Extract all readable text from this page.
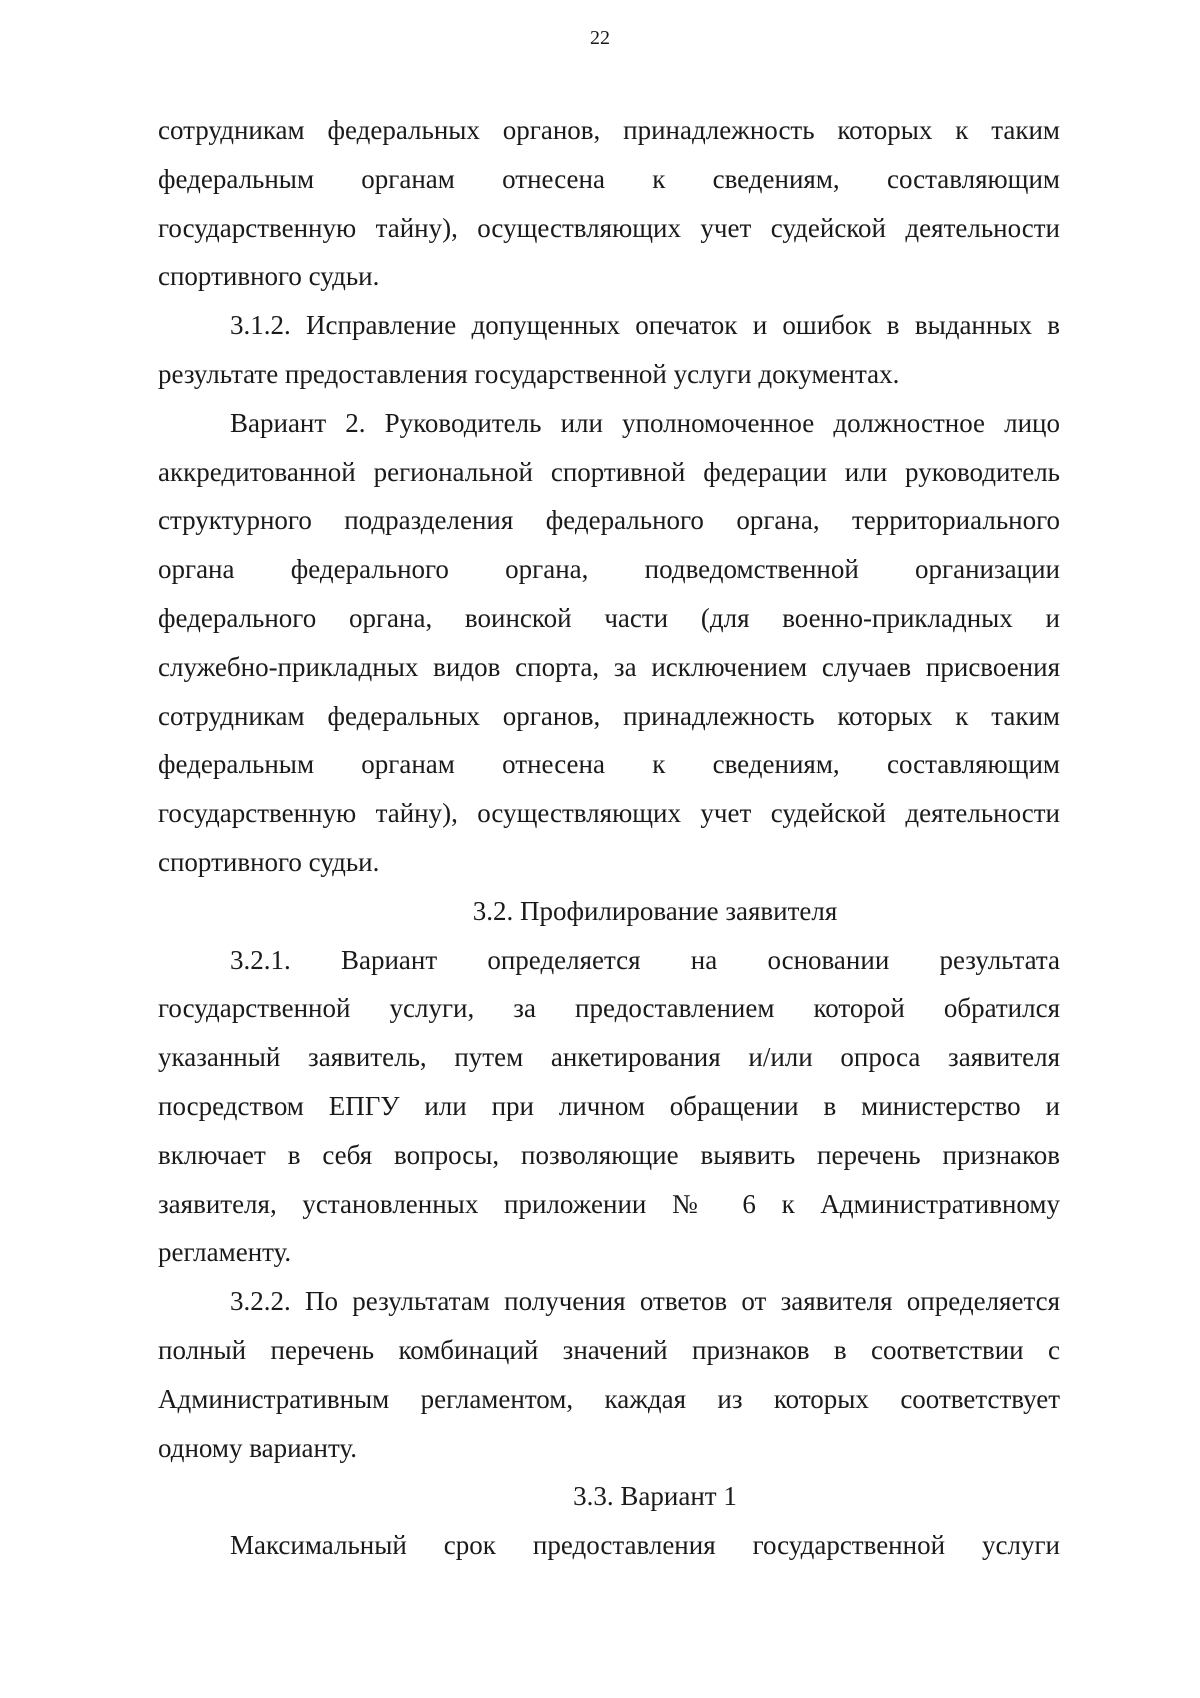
22

сотрудникам федеральных органов, принадлежность которых к таким
федеральным органам отнесена к сведениям, составляющим
государственную тайну), осуществляющих учет судейской деятельности
спортивного судьи.

3.1.2. Исправление допущенных опечаток и ошибок в выданных в
результате предоставления государственной услуги документах.

Вариант 2. Руководитель или уполномоченное должностное лицо
аккредитованной региональной спортивной федерации или руководитель
структурного подразделения федерального органа, территориального
органа федерального органа, подведомственной организации
федерального органа, воинской части (для военно-прикладных и
служебно-прикладных видов спорта, за исключением случаев присвоения
сотрудникам федеральных органов, принадлежность которых к таким
федеральным органам отнесена к сведениям, составляющим
государственную тайну), осуществляющих учет судейской деятельности
спортивного судьи.

3.2. Профилирование заявителя

3.2.1. Вариант определяется на основании результата
государственной услуги, за предоставлением которой обратился
указанный заявитель, путем анкетирования и/или опроса заявителя
посредством ЕПГУ или при личном обращении в министерство и
включает в себя вопросы, позволяющие выявить перечень признаков
заявителя, установленных приложении № 6 к Административному
регламенту.

3.2.2. По результатам получения ответов от заявителя определяется
полный перечень комбинаций значений признаков в соответствии с
Административным регламентом, каждая из которых соответствует
одному варианту.

3.3. Вариант 1

Максимальный срок предоставления государственной услуги
